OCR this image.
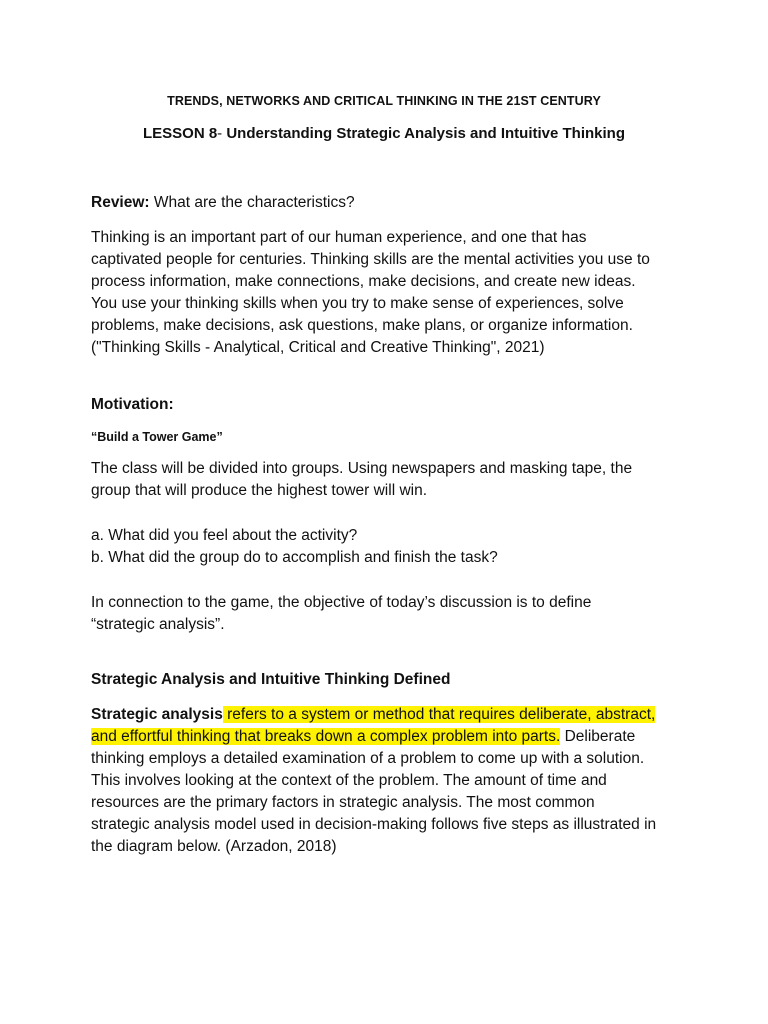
TRENDS, NETWORKS AND CRITICAL THINKING IN THE 21ST CENTURY
LESSON 8- Understanding Strategic Analysis and Intuitive Thinking

Review: What are the characteristics?

Thinking is an important part of our human experience, and one that has

captivated people for centuries. Thinking skills are the mental activities you use to

process information, make connections, make decisions, and create new ideas.

You use your thinking skills when you try to make sense of experiences, solve

problems, make decisions, ask questions, make plans, or organize information.

("Thinking Skills - Analytical, Critical and Creative Thinking", 2021)

Motivation:
“Build a Tower Game”

The class will be divided into groups. Using newspapers and masking tape, the

group that will produce the highest tower will win.

a. What did you feel about the activity?

b. What did the group do to accomplish and finish the task?

In connection to the game, the objective of today’s discussion is to define

“strategic analysis”.

Strategic Analysis and Intuitive Thinking Defined

Strategic analysis refers to a system or method that requires deliberate, abstract,

and effortful thinking that breaks down a complex problem into parts. Deliberate

thinking employs a detailed examination of a problem to come up with a solution.

This involves looking at the context of the problem. The amount of time and

resources are the primary factors in strategic analysis. The most common

strategic analysis model used in decision-making follows five steps as illustrated in

the diagram below. (Arzadon, 2018)
